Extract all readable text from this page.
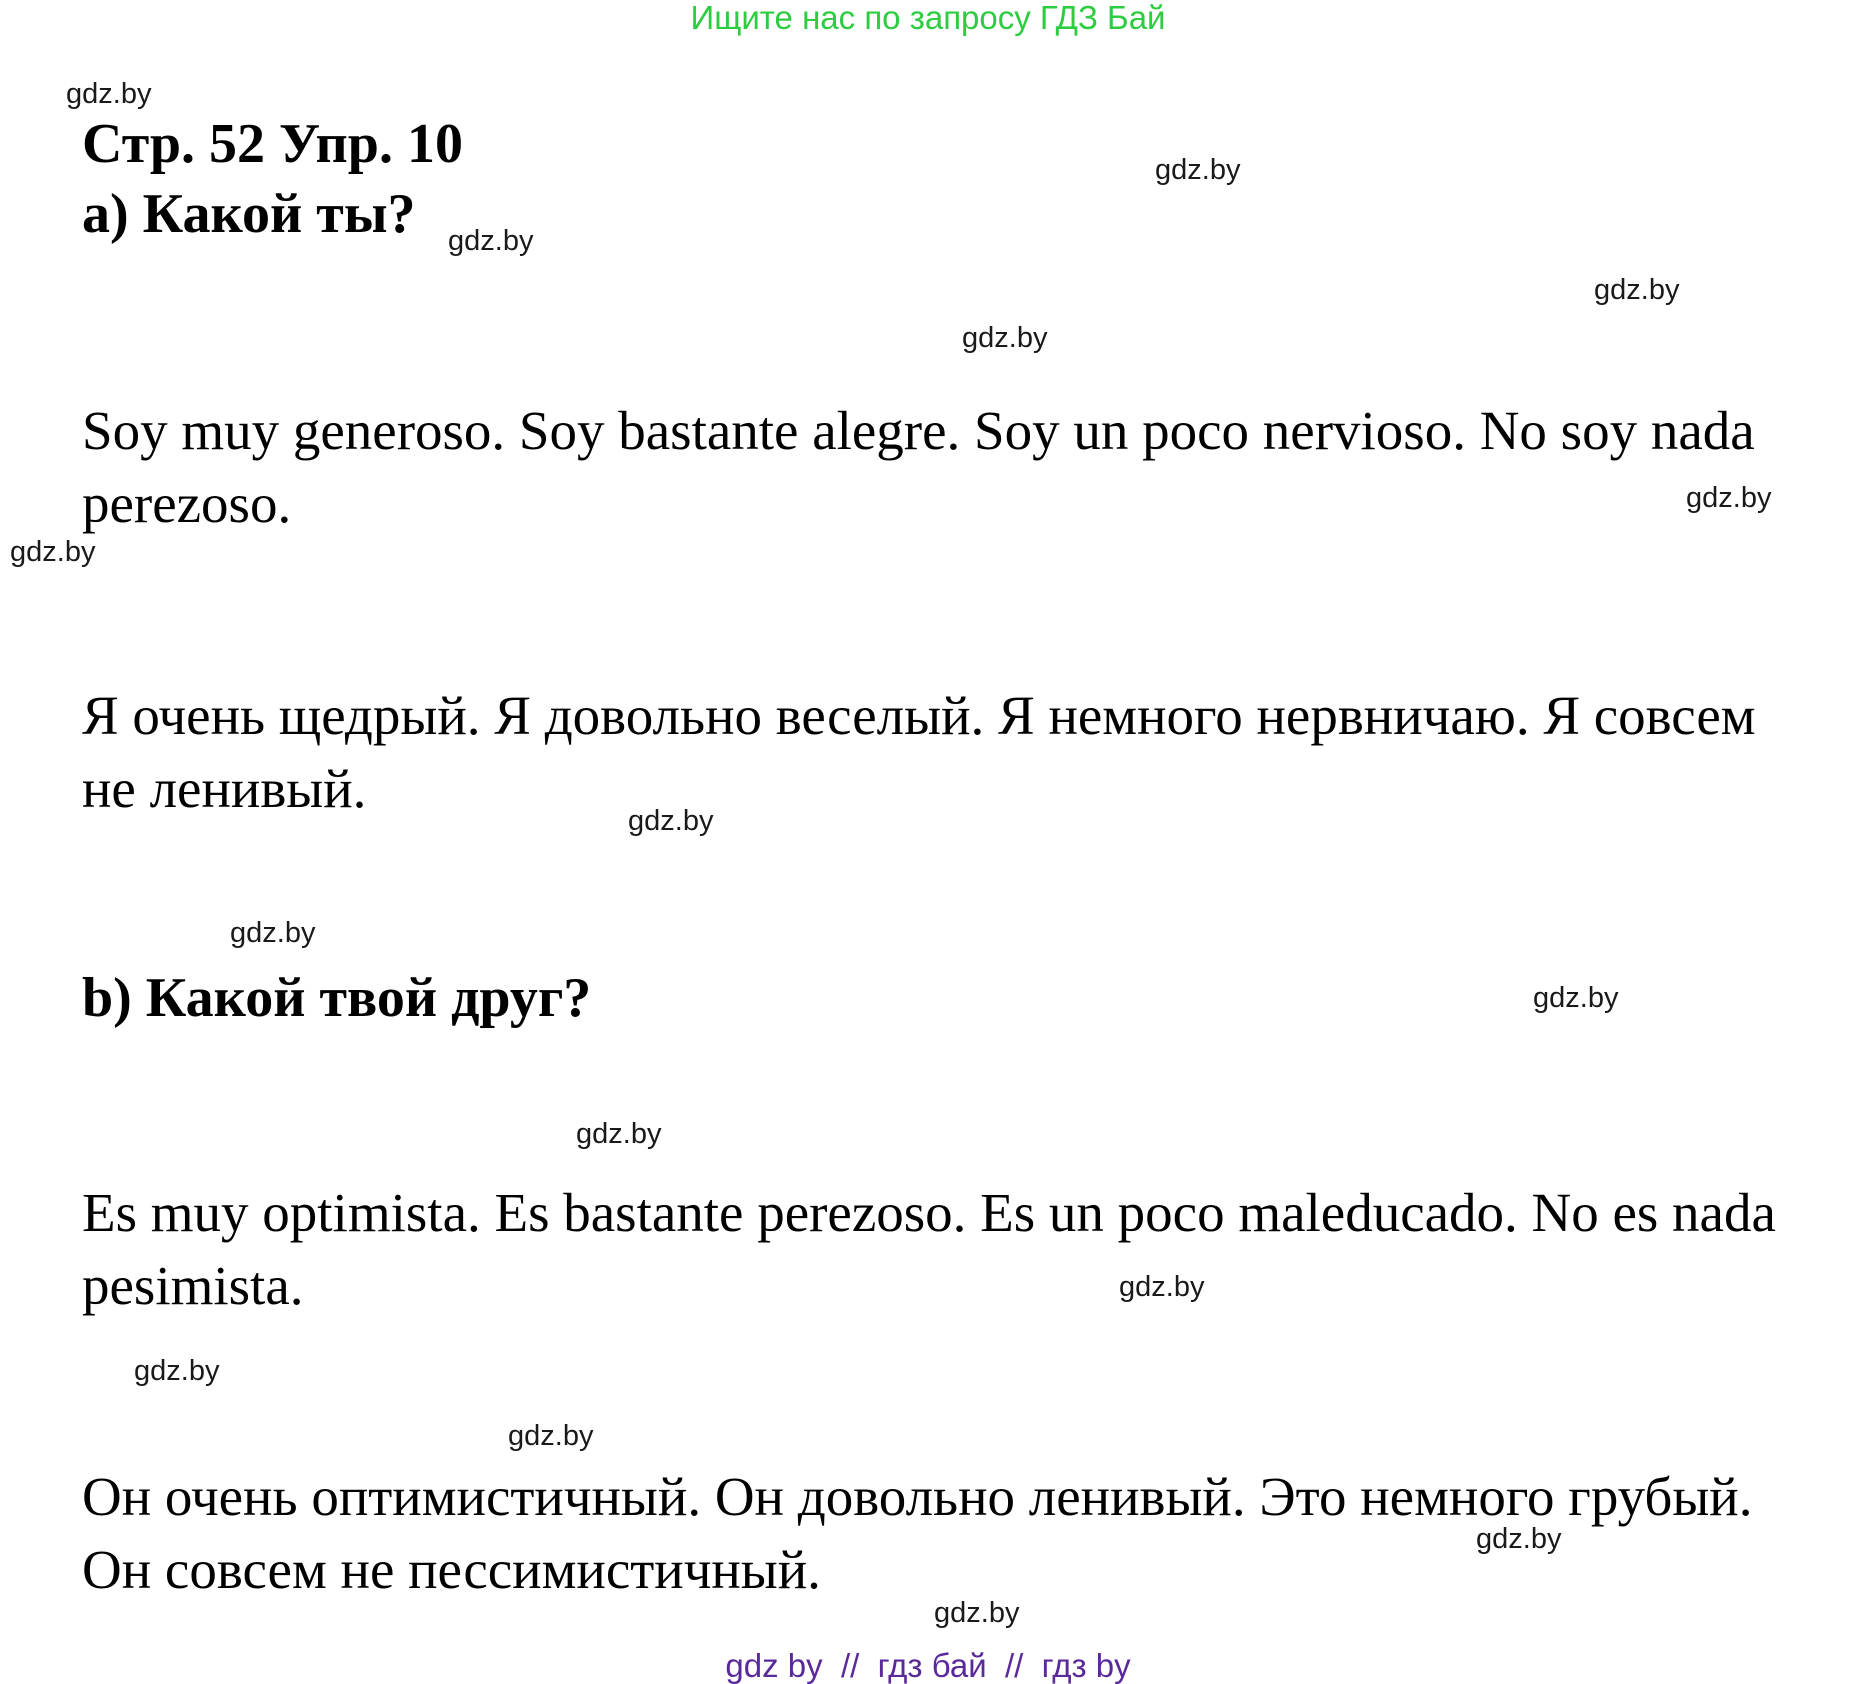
Ищите нас по запросу ГДЗ Бай
Стр. 52 Упр. 10
a) Какой ты?

Soy muy generoso. Soy bastante alegre. Soy un poco nervioso. No soy nada perezoso.

Я очень щедрый. Я довольно веселый. Я немного нервничаю. Я совсем не ленивый.

b) Какой твой друг?

Es muy optimista. Es bastante perezoso. Es un poco maleducado. No es nada pesimista.

Он очень оптимистичный. Он довольно ленивый. Это немного грубый. Он совсем не пессимистичный.

gdz.by
gdz.by
gdz.by
gdz.by
gdz.by
gdz.by
gdz.by
gdz.by
gdz.by
gdz.by
gdz.by
gdz.by
gdz.by
gdz.by
gdz.by
gdz.by
gdz by  //  гдз бай  //  гдз by
